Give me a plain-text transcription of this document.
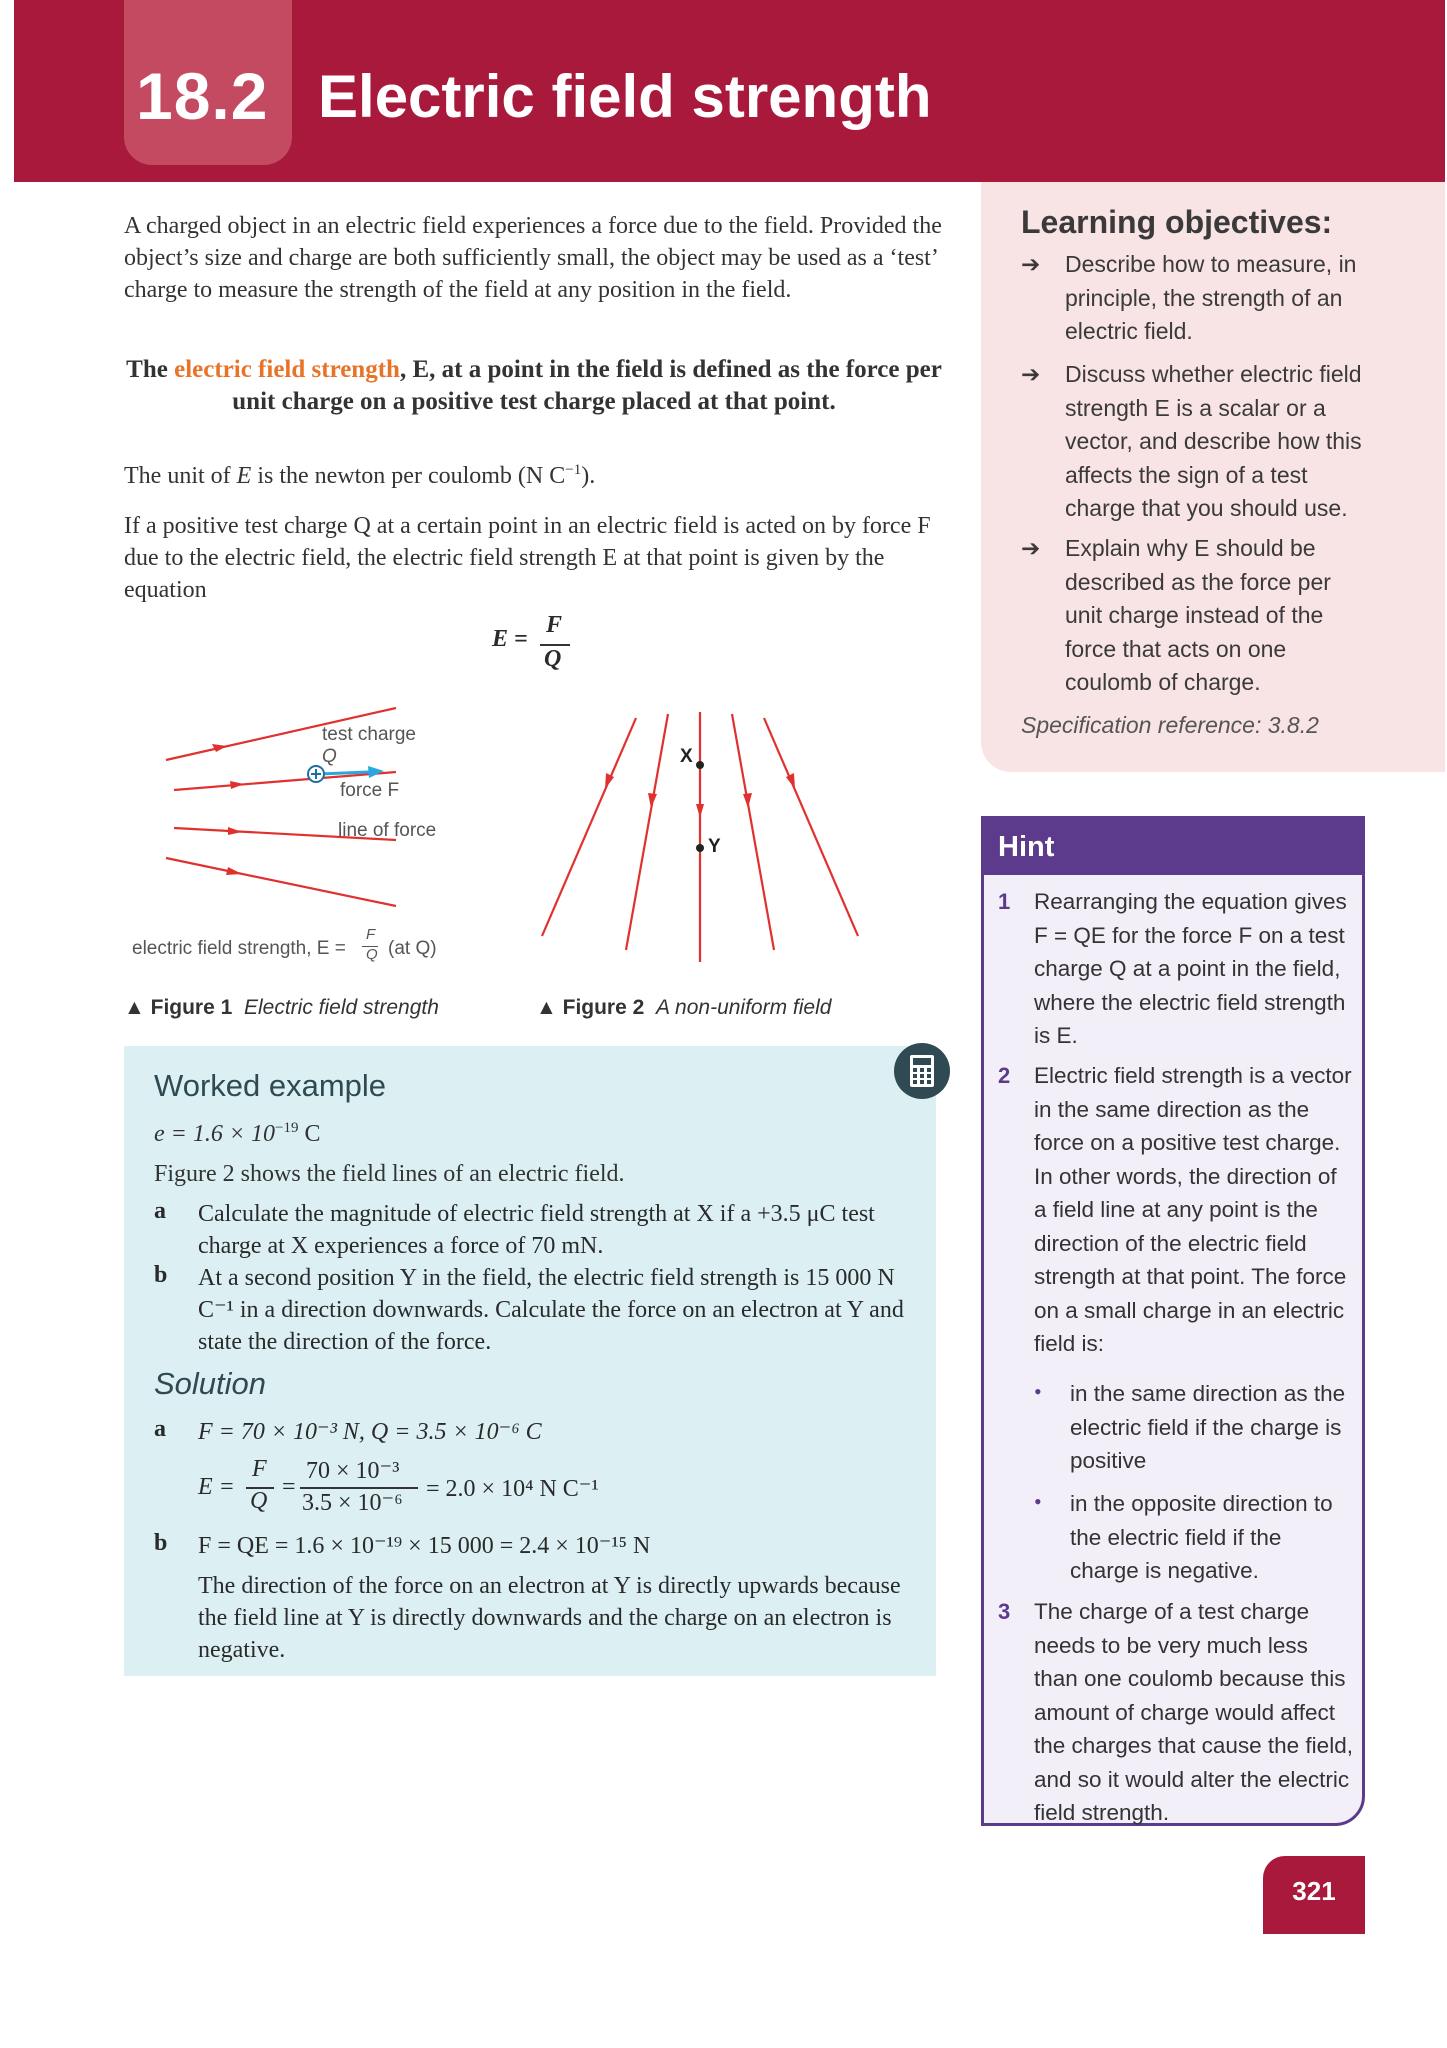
18.2 Electric field strength

A charged object in an electric field experiences a force due to the field. Provided the object’s size and charge are both sufficiently small, the object may be used as a ‘test’ charge to measure the strength of the field at any position in the field.

The electric field strength, E, at a point in the field is defined as the force per unit charge on a positive test charge placed at that point.

The unit of E is the newton per coulomb (N $C^{-1}$).

If a positive test charge Q at a certain point in an electric field is acted on by force F due to the electric field, the electric field strength E at that point is given by the equation

E =
F
Q
test charge
Q
force F
line of force
electric field strength, E =
F
Q (at Q)
▲ Figure 1 Electric field strength
X
Y
▲ Figure 2 A non-uniform field
Worked example
$e = 1.6 \times 10^{-19}$ C
Figure 2 shows the field lines of an electric field.
a Calculate the magnitude of electric field strength at X if a +3.5 μC test charge at X experiences a force of 70 mN.
b At a second position Y in the field, the electric field strength is 15 000 N C⁻¹ in a direction downwards. Calculate the force on an electron at Y and state the direction of the force.
Solution
a F = 70 × 10⁻³ N, Q = 3.5 × 10⁻⁶ C
E =
F
Q
=
70 × 10⁻³
3.5 × 10⁻⁶
= 2.0 × 10⁴ N C⁻¹
b F = QE = 1.6 × 10⁻¹⁹ × 15 000 = 2.4 × 10⁻¹⁵ N
The direction of the force on an electron at Y is directly upwards because the field line at Y is directly downwards and the charge on an electron is negative.
Learning objectives:
➔ Describe how to measure, in principle, the strength of an electric field.
➔ Discuss whether electric field strength E is a scalar or a vector, and describe how this affects the sign of a test charge that you should use.
➔ Explain why E should be described as the force per unit charge instead of the force that acts on one coulomb of charge.
Specification reference: 3.8.2
Hint
1 Rearranging the equation gives F = QE for the force F on a test charge Q at a point in the field, where the electric field strength is E.
2 Electric field strength is a vector in the same direction as the force on a positive test charge. In other words, the direction of a field line at any point is the direction of the electric field strength at that point. The force on a small charge in an electric field is:
• in the same direction as the electric field if the charge is positive
• in the opposite direction to the electric field if the charge is negative.
3 The charge of a test charge needs to be very much less than one coulomb because this amount of charge would affect the charges that cause the field, and so it would alter the electric field strength.
321
